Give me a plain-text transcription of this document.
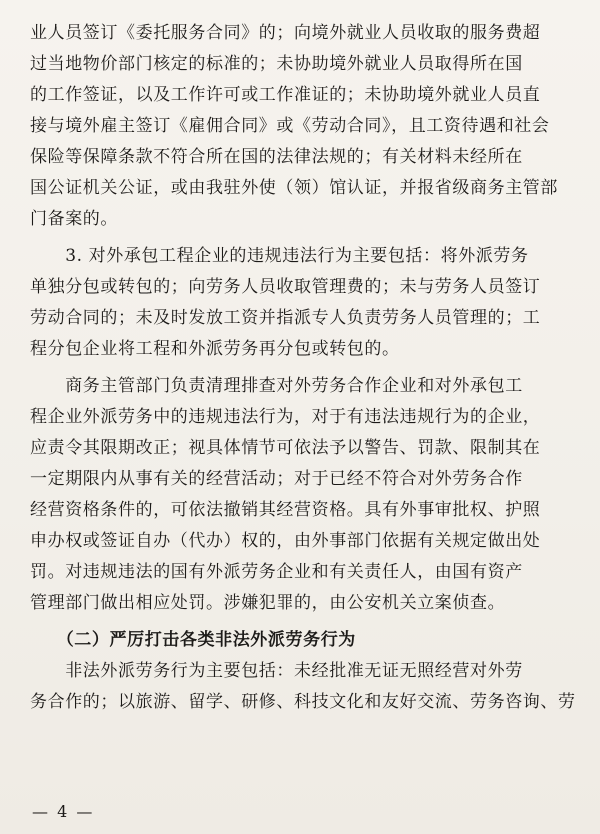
业人员签订《委托服务合同》的；向境外就业人员收取的服务费超
过当地物价部门核定的标准的；未协助境外就业人员取得所在国
的工作签证，以及工作许可或工作准证的；未协助境外就业人员直
接与境外雇主签订《雇佣合同》或《劳动合同》，且工资待遇和社会
保险等保障条款不符合所在国的法律法规的；有关材料未经所在
国公证机关公证，或由我驻外使（领）馆认证，并报省级商务主管部
门备案的。
　　3. 对外承包工程企业的违规违法行为主要包括：将外派劳务
单独分包或转包的；向劳务人员收取管理费的；未与劳务人员签订
劳动合同的；未及时发放工资并指派专人负责劳务人员管理的；工
程分包企业将工程和外派劳务再分包或转包的。
　　商务主管部门负责清理排查对外劳务合作企业和对外承包工
程企业外派劳务中的违规违法行为，对于有违法违规行为的企业，
应责令其限期改正；视具体情节可依法予以警告、罚款、限制其在
一定期限内从事有关的经营活动；对于已经不符合对外劳务合作
经营资格条件的，可依法撤销其经营资格。具有外事审批权、护照
申办权或签证自办（代办）权的，由外事部门依据有关规定做出处
罚。对违规违法的国有外派劳务企业和有关责任人，由国有资产
管理部门做出相应处罚。涉嫌犯罪的，由公安机关立案侦查。
　　（二）严厉打击各类非法外派劳务行为
　　非法外派劳务行为主要包括：未经批准无证无照经营对外劳
务合作的；以旅游、留学、研修、科技文化和友好交流、劳务咨询、劳
— 4 —
